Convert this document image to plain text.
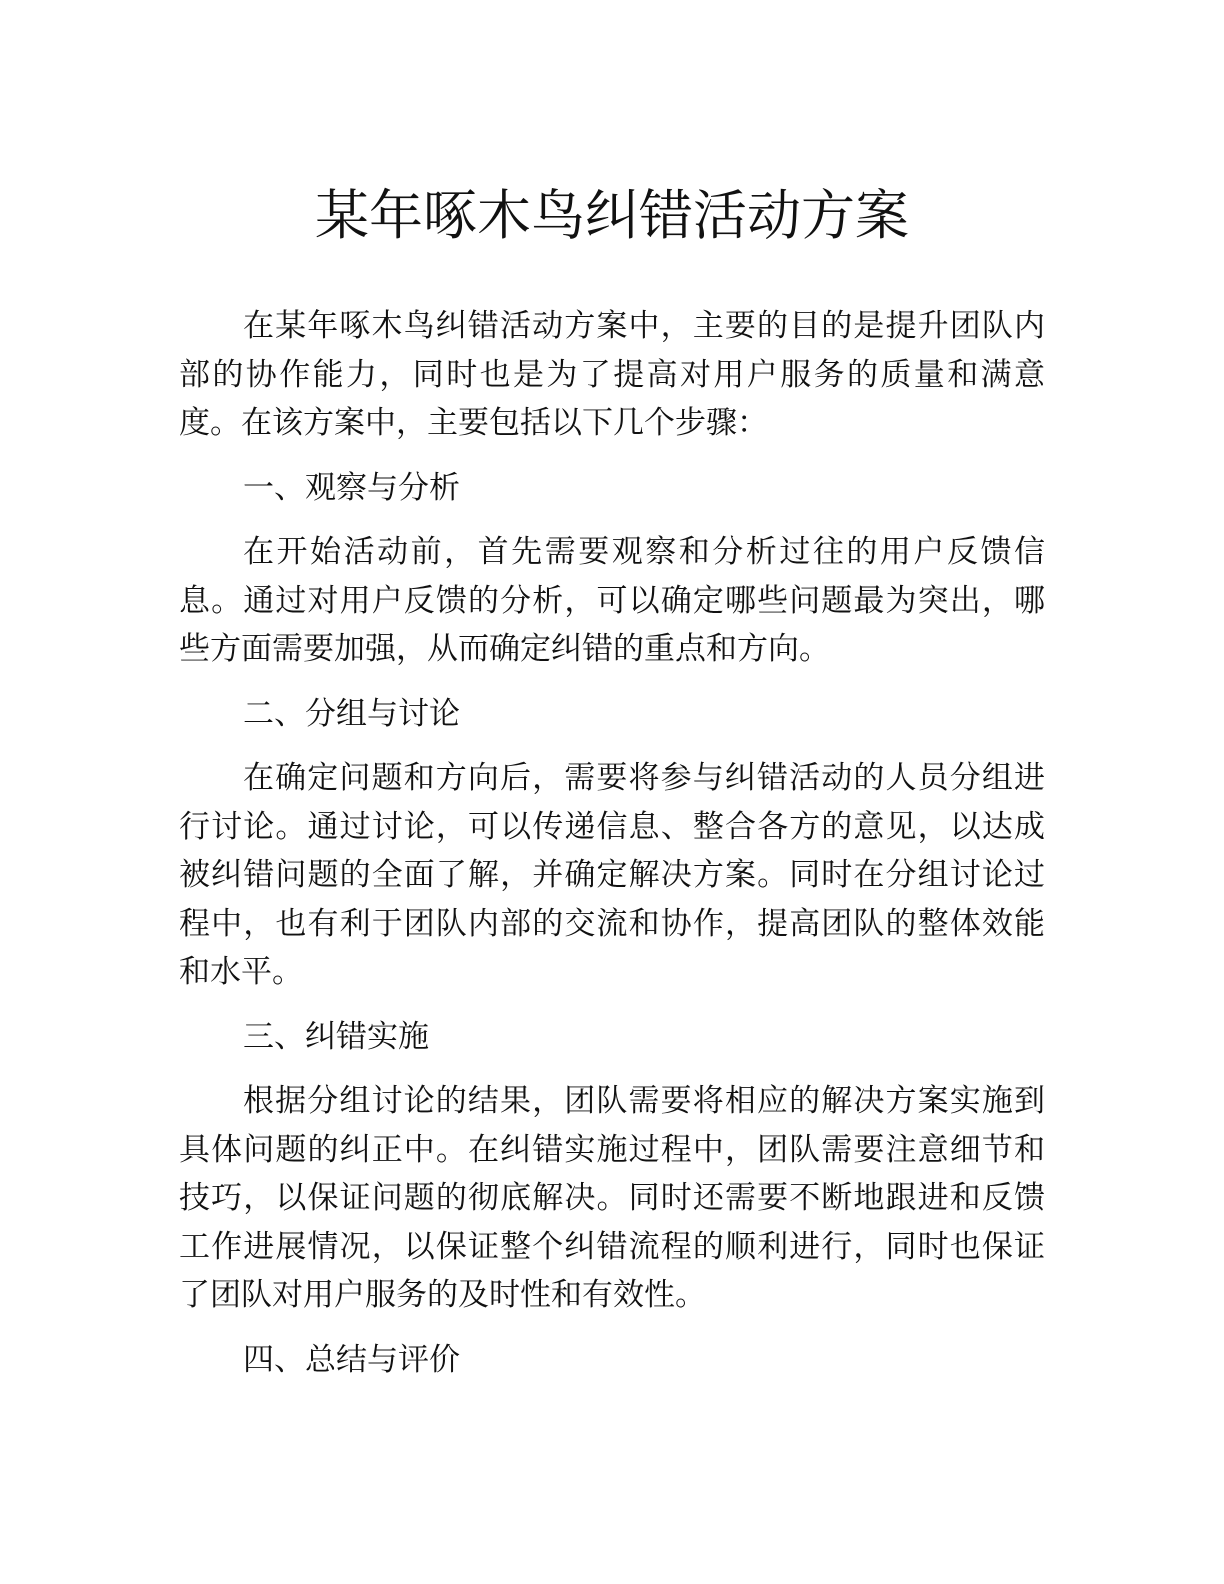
某年啄木鸟纠错活动方案

在某年啄木鸟纠错活动方案中，主要的目的是提升团队内部的协作能力，同时也是为了提高对用户服务的质量和满意度。在该方案中，主要包括以下几个步骤：

一、观察与分析

在开始活动前，首先需要观察和分析过往的用户反馈信息。通过对用户反馈的分析，可以确定哪些问题最为突出，哪些方面需要加强，从而确定纠错的重点和方向。

二、分组与讨论

在确定问题和方向后，需要将参与纠错活动的人员分组进行讨论。通过讨论，可以传递信息、整合各方的意见，以达成被纠错问题的全面了解，并确定解决方案。同时在分组讨论过程中，也有利于团队内部的交流和协作，提高团队的整体效能和水平。

三、纠错实施

根据分组讨论的结果，团队需要将相应的解决方案实施到具体问题的纠正中。在纠错实施过程中，团队需要注意细节和技巧，以保证问题的彻底解决。同时还需要不断地跟进和反馈工作进展情况，以保证整个纠错流程的顺利进行，同时也保证了团队对用户服务的及时性和有效性。

四、总结与评价
